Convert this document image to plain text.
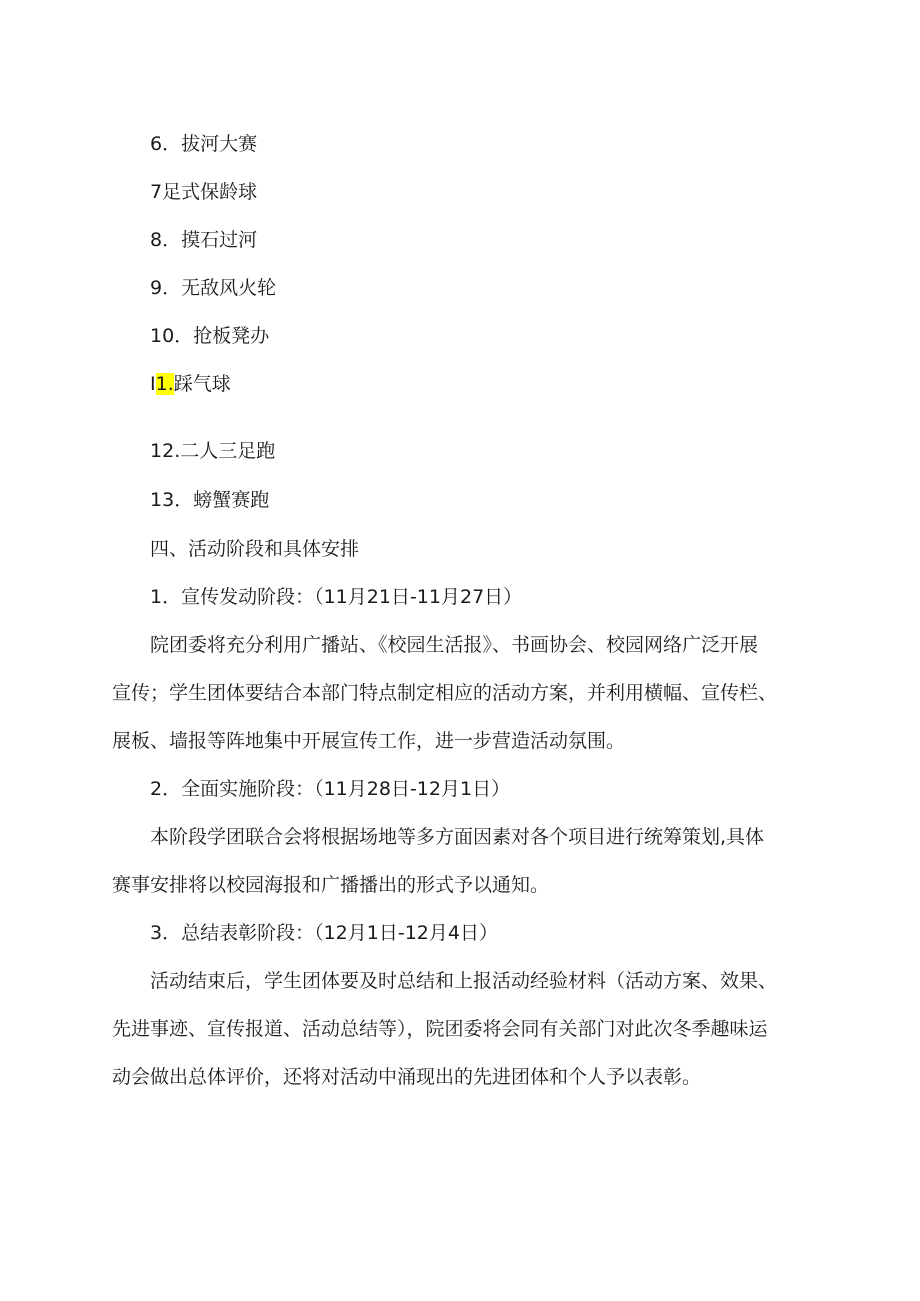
6．拔河大赛
7足式保龄球
8．摸石过河
9．无敌风火轮
10．抢板凳办
I1.踩气球
12.二人三足跑
13．螃蟹赛跑
四、活动阶段和具体安排
1．宣传发动阶段：（11月21日-11月27日）
院团委将充分利用广播站、《校园生活报》、书画协会、校园网络广泛开展
宣传；学生团体要结合本部门特点制定相应的活动方案，并利用横幅、宣传栏、
展板、墙报等阵地集中开展宣传工作，进一步营造活动氛围。
2．全面实施阶段：（11月28日-12月1日）
本阶段学团联合会将根据场地等多方面因素对各个项目进行统筹策划,具体
赛事安排将以校园海报和广播播出的形式予以通知。
3．总结表彰阶段：（12月1日-12月4日）
活动结束后，学生团体要及时总结和上报活动经验材料（活动方案、效果、
先进事迹、宣传报道、活动总结等），院团委将会同有关部门对此次冬季趣味运
动会做出总体评价，还将对活动中涌现出的先进团体和个人予以表彰。
